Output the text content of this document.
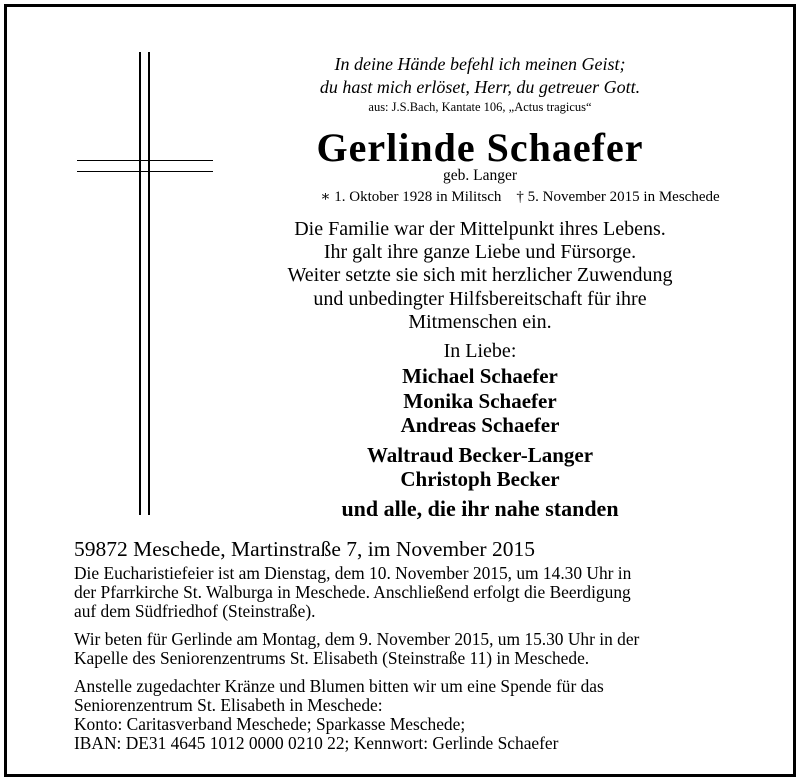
In deine Hände befehl ich meinen Geist;
du hast mich erlöset, Herr, du getreuer Gott.
aus: J.S.Bach, Kantate 106, „Actus tragicus“
Gerlinde Schaefer
geb. Langer
∗ 1. Oktober 1928 in Militsch    † 5. November 2015 in Meschede
Die Familie war der Mittelpunkt ihres Lebens.
Ihr galt ihre ganze Liebe und Fürsorge.
Weiter setzte sie sich mit herzlicher Zuwendung
und unbedingter Hilfsbereitschaft für ihre
Mitmenschen ein.
In Liebe:
Michael Schaefer
Monika Schaefer
Andreas Schaefer
Waltraud Becker-Langer
Christoph Becker
und alle, die ihr nahe standen
59872 Meschede, Martinstraße 7, im November 2015
Die Eucharistiefeier ist am Dienstag, dem 10. November 2015, um 14.30 Uhr in
der Pfarrkirche St. Walburga in Meschede. Anschließend erfolgt die Beerdigung
auf dem Südfriedhof (Steinstraße).
Wir beten für Gerlinde am Montag, dem 9. November 2015, um 15.30 Uhr in der
Kapelle des Seniorenzentrums St. Elisabeth (Steinstraße 11) in Meschede.
Anstelle zugedachter Kränze und Blumen bitten wir um eine Spende für das
Seniorenzentrum St. Elisabeth in Meschede:
Konto: Caritasverband Meschede; Sparkasse Meschede;
IBAN: DE31 4645 1012 0000 0210 22; Kennwort: Gerlinde Schaefer
